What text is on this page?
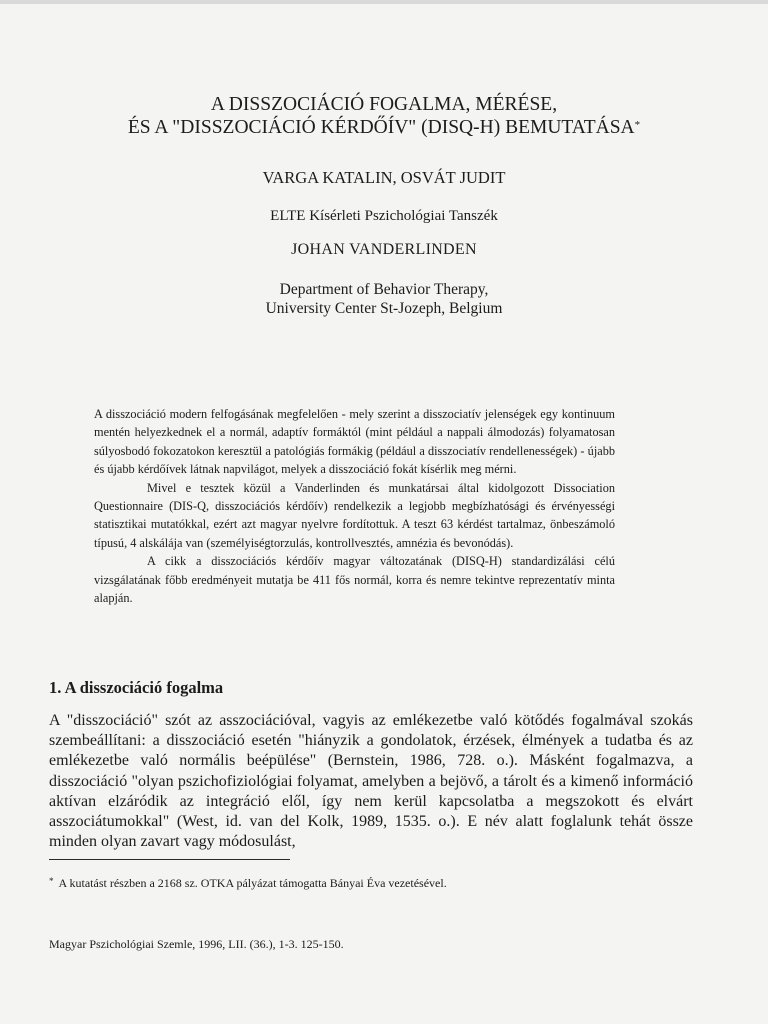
A DISSZOCIÁCIÓ FOGALMA, MÉRÉSE,
ÉS A "DISSZOCIÁCIÓ KÉRDŐÍV" (DISQ-H) BEMUTATÁSA*
VARGA KATALIN, OSVÁT JUDIT
ELTE Kísérleti Pszichológiai Tanszék
JOHAN VANDERLINDEN
Department of Behavior Therapy,
University Center St-Jozeph, Belgium

A disszociáció modern felfogásának megfelelően - mely szerint a disszociatív jelenségek egy kontinuum mentén helyezkednek el a normál, adaptív formáktól (mint például a nappali álmodozás) folyamatosan súlyosbodó fokozatokon keresztül a patológiás formákig (például a disszociatív rendellenességek) - újabb és újabb kérdőívek látnak napvilágot, melyek a disszociáció fokát kísérlik meg mérni.

Mivel e tesztek közül a Vanderlinden és munkatársai által kidolgozott Dissociation Questionnaire (DIS-Q, disszociációs kérdőív) rendelkezik a legjobb megbízhatósági és érvényességi statisztikai mutatókkal, ezért azt magyar nyelvre fordítottuk. A teszt 63 kérdést tartalmaz, önbeszámoló típusú, 4 alskálája van (személyiségtorzulás, kontrollvesztés, amnézia és bevonódás).

A cikk a disszociációs kérdőív magyar változatának (DISQ-H) standardizálási célú vizsgálatának főbb eredményeit mutatja be 411 fős normál, korra és nemre tekintve reprezentatív minta alapján.

1. A disszociáció fogalma

A "disszociáció" szót az asszociációval, vagyis az emlékezetbe való kötődés fogalmával szokás szembeállítani: a disszociáció esetén "hiányzik a gondolatok, érzések, élmények a tudatba és az emlékezetbe való normális beépülése" (Bernstein, 1986, 728. o.). Másként fogalmazva, a disszociáció "olyan pszichofiziológiai folyamat, amelyben a bejövő, a tárolt és a kimenő információ aktívan elzáródik az integráció elől, így nem kerül kapcsolatba a megszokott és elvárt asszociátumokkal" (West, id. van del Kolk, 1989, 1535. o.). E név alatt foglalunk tehát össze minden olyan zavart vagy módosulást,

* A kutatást részben a 2168 sz. OTKA pályázat támogatta Bányai Éva vezetésével.
Magyar Pszichológiai Szemle, 1996, LII. (36.), 1-3. 125-150.
